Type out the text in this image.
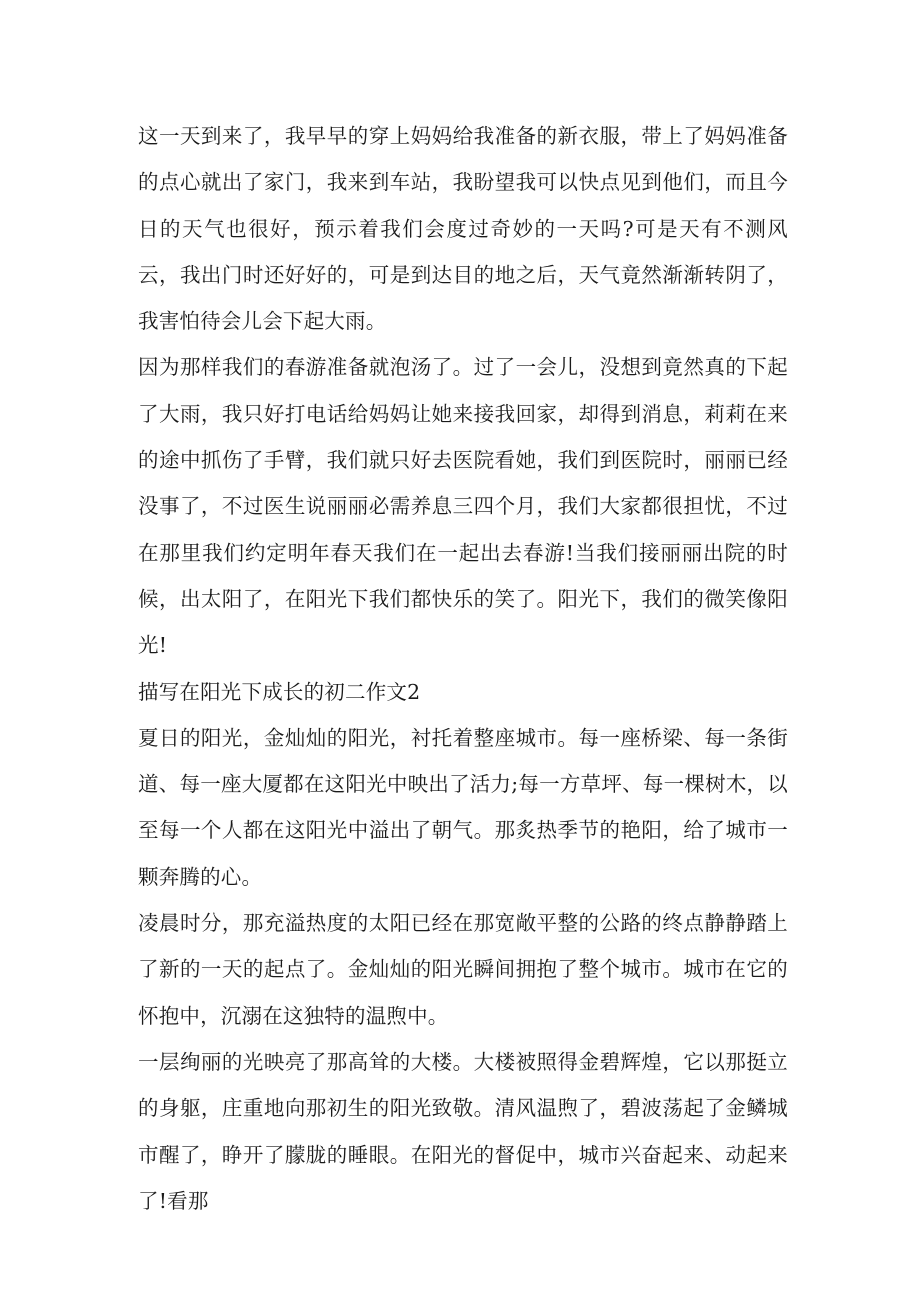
这一天到来了，我早早的穿上妈妈给我准备的新衣服，带上了妈妈准备的点心就出了家门，我来到车站，我盼望我可以快点见到他们，而且今日的天气也很好，预示着我们会度过奇妙的一天吗?可是天有不测风云，我出门时还好好的，可是到达目的地之后，天气竟然渐渐转阴了，我害怕待会儿会下起大雨。

因为那样我们的春游准备就泡汤了。过了一会儿，没想到竟然真的下起了大雨，我只好打电话给妈妈让她来接我回家，却得到消息，莉莉在来的途中抓伤了手臂，我们就只好去医院看她，我们到医院时，丽丽已经没事了，不过医生说丽丽必需养息三四个月，我们大家都很担忧，不过在那里我们约定明年春天我们在一起出去春游!当我们接丽丽出院的时候，出太阳了，在阳光下我们都快乐的笑了。阳光下，我们的微笑像阳光!

描写在阳光下成长的初二作文2

夏日的阳光，金灿灿的阳光，衬托着整座城市。每一座桥梁、每一条街道、每一座大厦都在这阳光中映出了活力;每一方草坪、每一棵树木，以至每一个人都在这阳光中溢出了朝气。那炙热季节的艳阳，给了城市一颗奔腾的心。

凌晨时分，那充溢热度的太阳已经在那宽敞平整的公路的终点静静踏上了新的一天的起点了。金灿灿的阳光瞬间拥抱了整个城市。城市在它的怀抱中，沉溺在这独特的温煦中。

一层绚丽的光映亮了那高耸的大楼。大楼被照得金碧辉煌，它以那挺立的身躯，庄重地向那初生的阳光致敬。清风温煦了，碧波荡起了金鳞城市醒了，睁开了朦胧的睡眼。在阳光的督促中，城市兴奋起来、动起来了!看那
